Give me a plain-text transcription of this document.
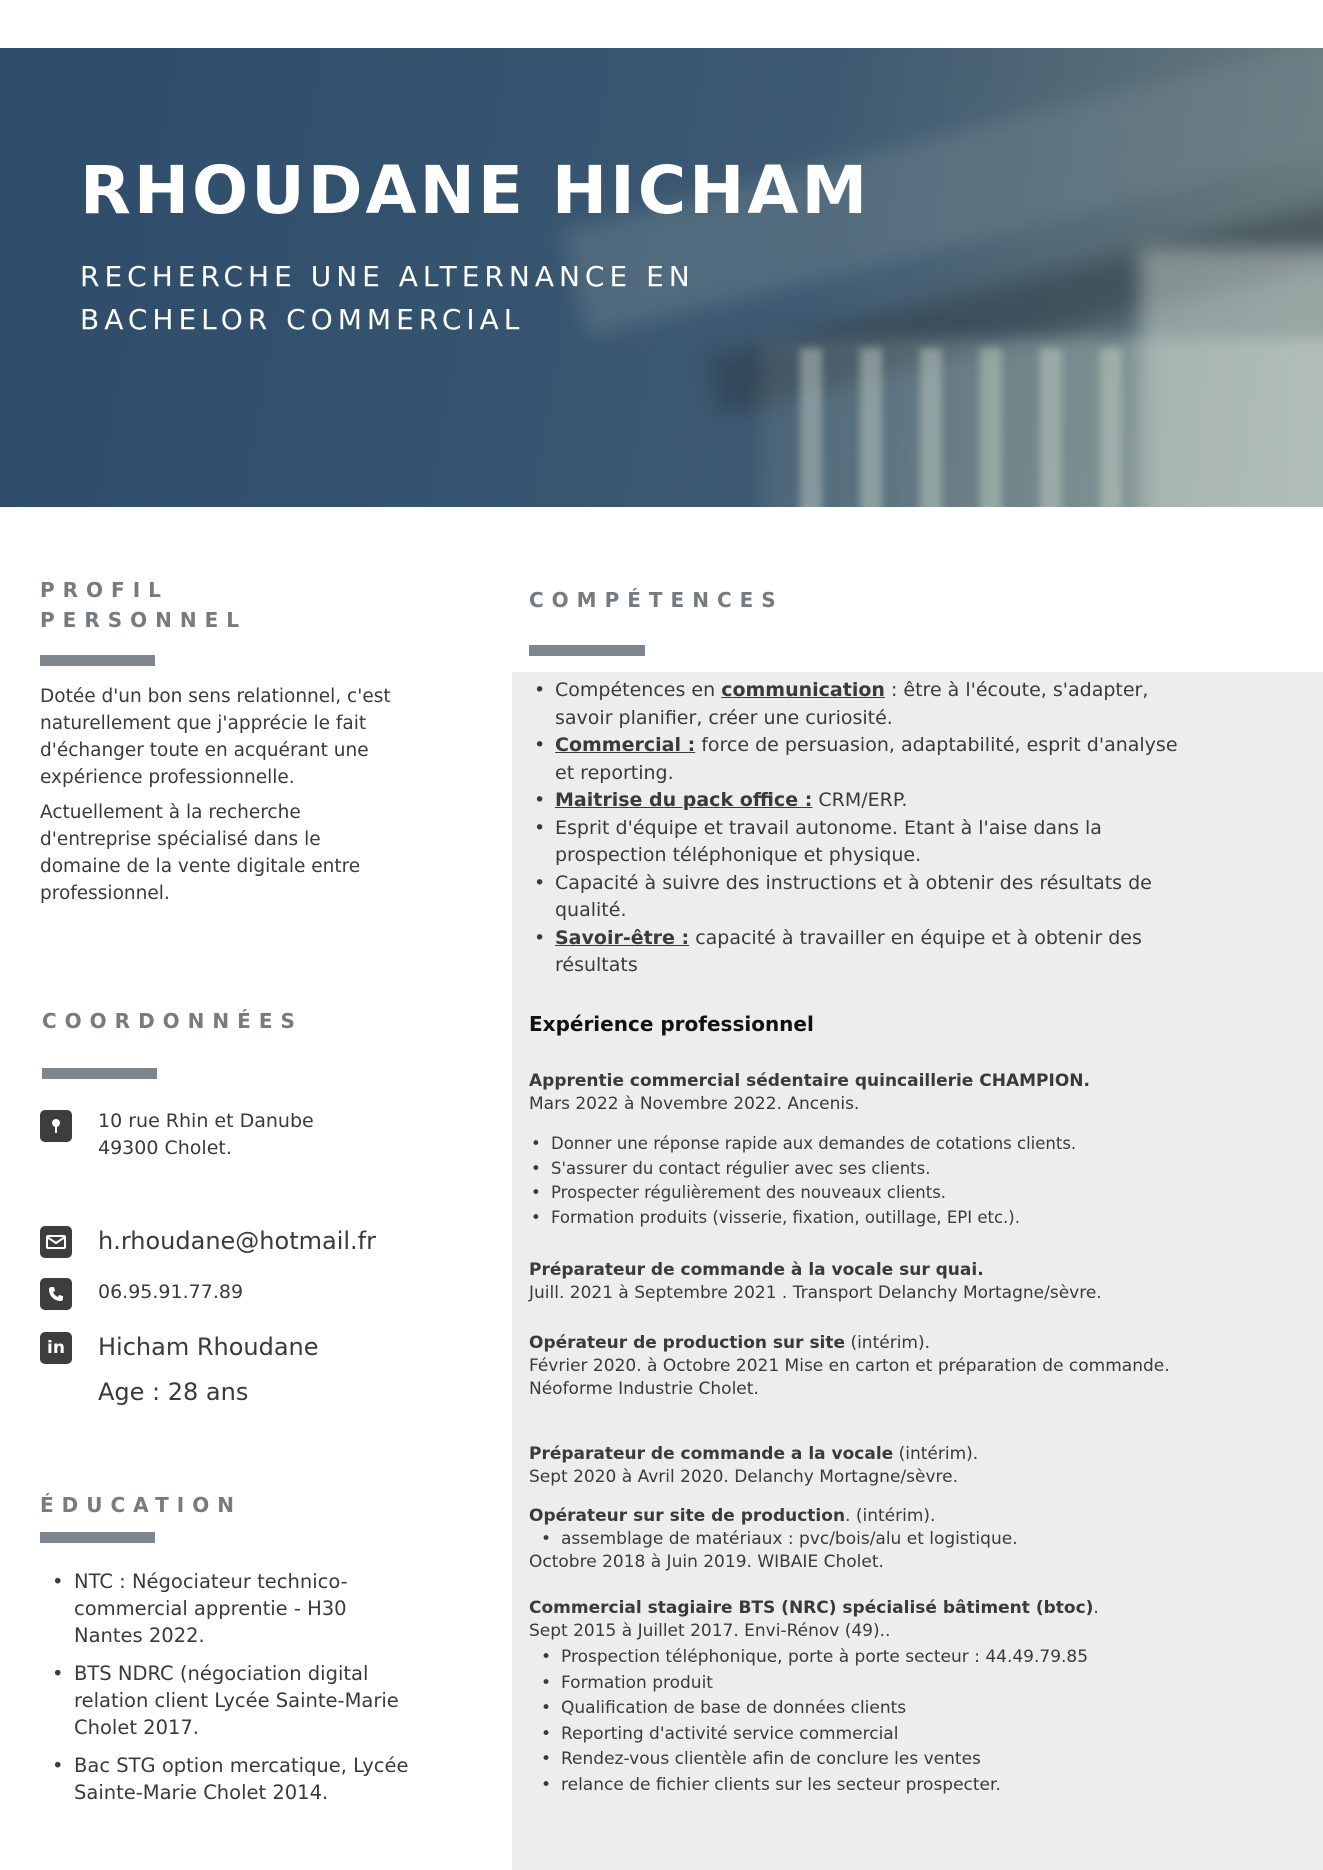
RHOUDANE HICHAM
RECHERCHE UNE ALTERNANCE EN
BACHELOR COMMERCIAL
PROFIL
PERSONNEL

Dotée d'un bon sens relationnel, c'est naturellement que j'apprécie le fait d'échanger toute en acquérant une expérience professionnelle.

Actuellement à la recherche d'entreprise spécialisé dans le domaine de la vente digitale entre professionnel.

COORDONNÉES
10 rue Rhin et Danube
49300 Cholet.
h.rhoudane@hotmail.fr
06.95.91.77.89
in Hicham Rhoudane
Age : 28 ans
ÉDUCATION
• NTC : Négociateur technico-commercial apprentie - H30 Nantes 2022.
• BTS NDRC (négociation digital relation client Lycée Sainte-Marie Cholet 2017.
• Bac STG option mercatique, Lycée Sainte-Marie Cholet 2014.
COMPÉTENCES
• Compétences en communication : être à l'écoute, s'adapter, savoir planifier, créer une curiosité.
• Commercial : force de persuasion, adaptabilité, esprit d'analyse et reporting.
• Maitrise du pack office : CRM/ERP.
• Esprit d'équipe et travail autonome. Etant à l'aise dans la prospection téléphonique et physique.
• Capacité à suivre des instructions et à obtenir des résultats de qualité.
• Savoir-être : capacité à travailler en équipe et à obtenir des résultats
Expérience professionnel
Apprentie commercial sédentaire quincaillerie CHAMPION.
Mars 2022 à Novembre 2022. Ancenis.
• Donner une réponse rapide aux demandes de cotations clients.
• S'assurer du contact régulier avec ses clients.
• Prospecter régulièrement des nouveaux clients.
• Formation produits (visserie, fixation, outillage, EPI etc.).
Préparateur de commande à la vocale sur quai.
Juill. 2021 à Septembre 2021 . Transport Delanchy Mortagne/sèvre.
Opérateur de production sur site (intérim).
Février 2020. à Octobre 2021 Mise en carton et préparation de commande.
Néoforme Industrie Cholet.
Préparateur de commande a la vocale (intérim).
Sept 2020 à Avril 2020. Delanchy Mortagne/sèvre.
Opérateur sur site de production. (intérim).
• assemblage de matériaux : pvc/bois/alu et logistique.
Octobre 2018 à Juin 2019. WIBAIE Cholet.
Commercial stagiaire BTS (NRC) spécialisé bâtiment (btoc).
Sept 2015 à Juillet 2017. Envi-Rénov (49)..
• Prospection téléphonique, porte à porte secteur : 44.49.79.85
• Formation produit
• Qualification de base de données clients
• Reporting d'activité service commercial
• Rendez-vous clientèle afin de conclure les ventes
• relance de fichier clients sur les secteur prospecter.
